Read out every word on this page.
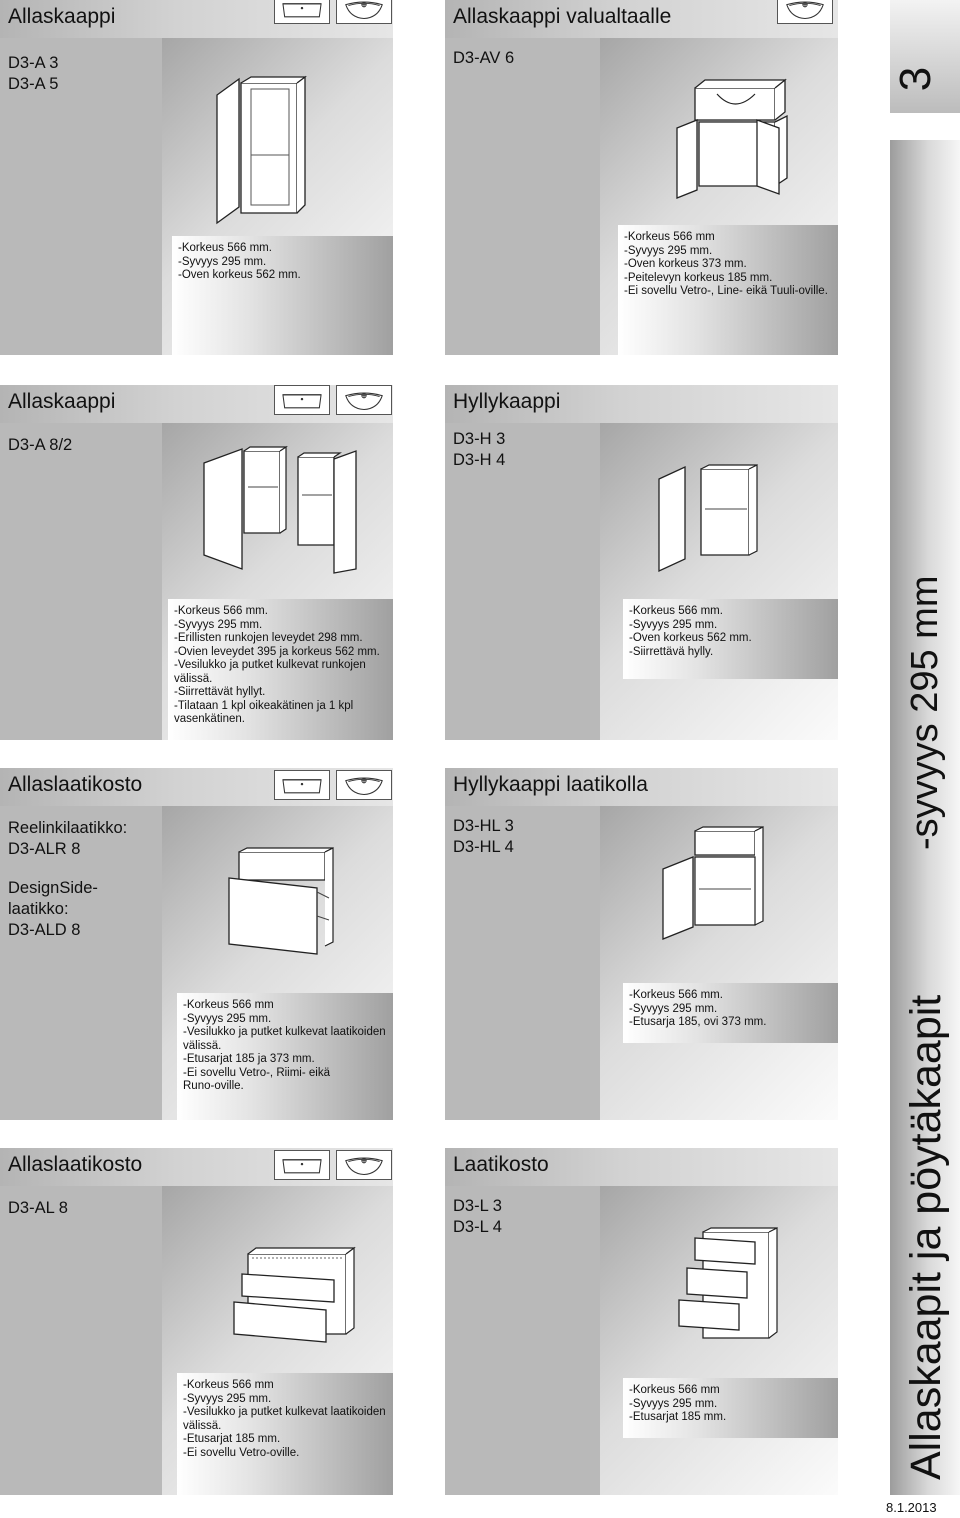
Allaskaappi
D3-A 3
D3-A 5
-Korkeus 566 mm.
-Syvyys 295 mm.
-Oven korkeus 562 mm.
Allaskaappi valualtaalle
D3-AV 6
-Korkeus 566 mm
-Syvyys 295 mm.
-Oven korkeus 373 mm.
-Peitelevyn korkeus 185 mm.
-Ei sovellu Vetro-, Line- eikä Tuuli-oville.
Allaskaappi
D3-A 8/2
-Korkeus 566 mm.
-Syvyys 295 mm.
-Erillisten runkojen leveydet 298 mm.
-Ovien leveydet 395 ja korkeus 562 mm.
-Vesilukko ja putket kulkevat runkojen
välissä.
-Siirrettävät hyllyt.
-Tilataan 1 kpl oikeakätinen ja 1 kpl
vasenkätinen.
Hyllykaappi
D3-H 3
D3-H 4
-Korkeus 566 mm.
-Syvyys 295 mm.
-Oven korkeus 562 mm.
-Siirrettävä hylly.
Allaslaatikosto
Reelinkilaatikko:
D3-ALR 8
DesignSide-
laatikko:
D3-ALD 8
-Korkeus 566 mm
-Syvyys 295 mm.
-Vesilukko ja putket kulkevat laatikoiden
välissä.
-Etusarjat 185 ja 373 mm.
-Ei sovellu Vetro-, Riimi- eikä
Runo-oville.
Hyllykaappi laatikolla
D3-HL 3
D3-HL 4
-Korkeus 566 mm.
-Syvyys 295 mm.
-Etusarja 185, ovi 373 mm.
Allaslaatikosto
D3-AL 8
-Korkeus 566 mm
-Syvyys 295 mm.
-Vesilukko ja putket kulkevat laatikoiden
välissä.
-Etusarjat 185 mm.
-Ei sovellu Vetro-oville.
Laatikosto
D3-L 3
D3-L 4
-Korkeus 566 mm
-Syvyys 295 mm.
-Etusarjat 185 mm.
3
-syvyys 295 mm
Allaskaapit ja pöytäkaapit
8.1.2013
